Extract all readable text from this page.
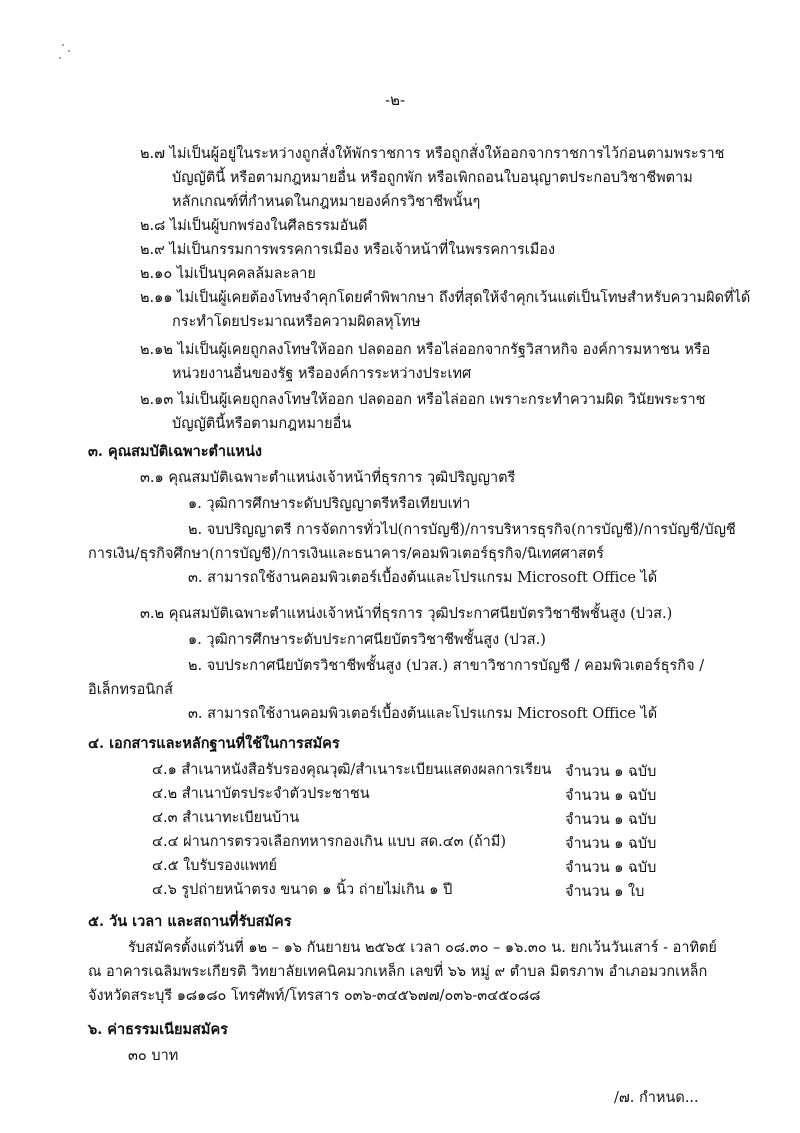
-๒-
๒.๗ ไม่เป็นผู้อยู่ในระหว่างถูกสั่งให้พักราชการ หรือถูกสั่งให้ออกจากราชการไว้ก่อนตามพระราช
บัญญัตินี้ หรือตามกฎหมายอื่น หรือถูกพัก หรือเพิกถอนใบอนุญาตประกอบวิชาชีพตาม
หลักเกณฑ์ที่กำหนดในกฎหมายองค์กรวิชาชีพนั้นๆ
๒.๘ ไม่เป็นผู้บกพร่องในศีลธรรมอันดี
๒.๙ ไม่เป็นกรรมการพรรคการเมือง หรือเจ้าหน้าที่ในพรรคการเมือง
๒.๑๐ ไม่เป็นบุคคลล้มละลาย
๒.๑๑ ไม่เป็นผู้เคยต้องโทษจำคุกโดยคำพิพากษา ถึงที่สุดให้จำคุกเว้นแต่เป็นโทษสำหรับความผิดที่ได้
กระทำโดยประมาณหรือความผิดลหุโทษ
๒.๑๒ ไม่เป็นผู้เคยถูกลงโทษให้ออก ปลดออก หรือไล่ออกจากรัฐวิสาหกิจ องค์การมหาชน หรือ
หน่วยงานอื่นของรัฐ หรือองค์การระหว่างประเทศ
๒.๑๓ ไม่เป็นผู้เคยถูกลงโทษให้ออก ปลดออก หรือไล่ออก เพราะกระทำความผิด วินัยพระราช
บัญญัตินี้หรือตามกฎหมายอื่น
๓. คุณสมบัติเฉพาะตำแหน่ง
๓.๑ คุณสมบัติเฉพาะตำแหน่งเจ้าหน้าที่ธุรการ วุฒิปริญญาตรี
๑. วุฒิการศึกษาระดับปริญญาตรีหรือเทียบเท่า
๒. จบปริญญาตรี การจัดการทั่วไป(การบัญชี)/การบริหารธุรกิจ(การบัญชี)/การบัญชี/บัญชี
การเงิน/ธุรกิจศึกษา(การบัญชี)/การเงินและธนาคาร/คอมพิวเตอร์ธุรกิจ/นิเทศศาสตร์
๓. สามารถใช้งานคอมพิวเตอร์เบื้องต้นและโปรแกรม Microsoft Office ได้
๓.๒ คุณสมบัติเฉพาะตำแหน่งเจ้าหน้าที่ธุรการ วุฒิประกาศนียบัตรวิชาชีพชั้นสูง (ปวส.)
๑. วุฒิการศึกษาระดับประกาศนียบัตรวิชาชีพชั้นสูง (ปวส.)
๒. จบประกาศนียบัตรวิชาชีพชั้นสูง (ปวส.) สาขาวิชาการบัญชี / คอมพิวเตอร์ธุรกิจ /
อิเล็กทรอนิกส์
๓. สามารถใช้งานคอมพิวเตอร์เบื้องต้นและโปรแกรม Microsoft Office ได้
๔. เอกสารและหลักฐานที่ใช้ในการสมัคร
๔.๑ สำเนาหนังสือรับรองคุณวุฒิ/สำเนาระเบียนแสดงผลการเรียน จำนวน ๑ ฉบับ
๔.๒ สำเนาบัตรประจำตัวประชาชน	จำนวน ๑ ฉบับ
๔.๓ สำเนาทะเบียนบ้าน	จำนวน ๑ ฉบับ
๔.๔ ผ่านการตรวจเลือกทหารกองเกิน แบบ สด.๔๓ (ถ้ามี)	จำนวน ๑ ฉบับ
๔.๕ ใบรับรองแพทย์	จำนวน ๑ ฉบับ
๔.๖ รูปถ่ายหน้าตรง ขนาด ๑ นิ้ว ถ่ายไม่เกิน ๑ ปี	จำนวน ๑ ใบ
๕. วัน เวลา และสถานที่รับสมัคร
รับสมัครตั้งแต่วันที่ ๑๒ – ๑๖ กันยายน ๒๕๖๕ เวลา ๐๘.๓๐ – ๑๖.๓๐ น. ยกเว้นวันเสาร์ - อาทิตย์
ณ อาคารเฉลิมพระเกียรติ วิทยาลัยเทคนิคมวกเหล็ก เลขที่ ๖๖ หมู่ ๙ ตำบล มิตรภาพ อำเภอมวกเหล็ก
จังหวัดสระบุรี ๑๘๑๘๐ โทรศัพท์/โทรสาร ๐๓๖-๓๔๕๖๗๗/๐๓๖-๓๔๕๐๘๘
๖. ค่าธรรมเนียมสมัคร
๓๐ บาท
/๗. กำหนด...
